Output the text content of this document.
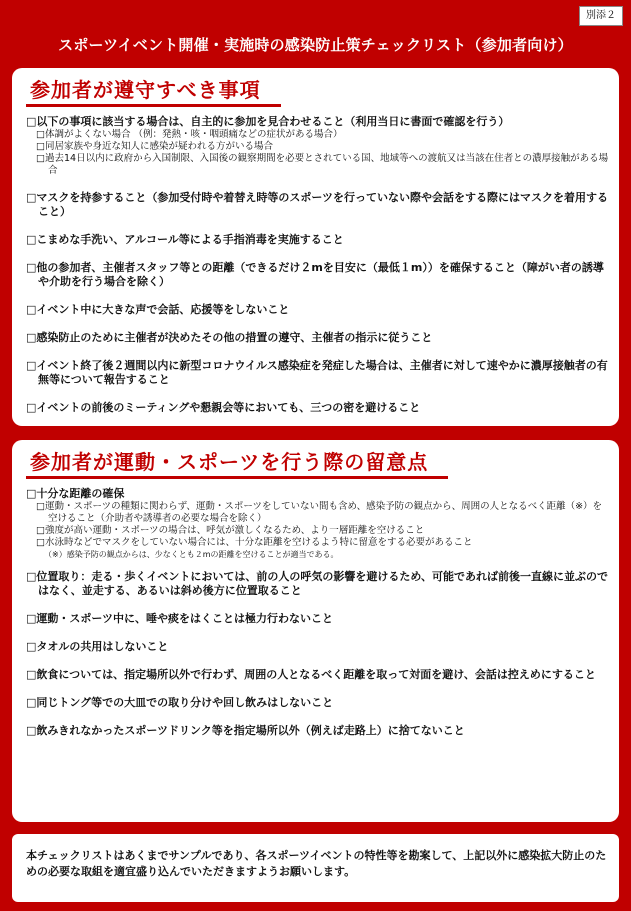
別添２
スポーツイベント開催・実施時の感染防止策チェックリスト（参加者向け）
参加者が遵守すべき事項
□以下の事項に該当する場合は、自主的に参加を見合わせること（利用当日に書面で確認を行う）
□体調がよくない場合 （例：発熱・咳・咽頭痛などの症状がある場合）
□同居家族や身近な知人に感染が疑われる方がいる場合
□過去14日以内に政府から入国制限、入国後の観察期間を必要とされている国、地域等への渡航又は当該在住者との濃厚接触がある場合
□マスクを持参すること（参加受付時や着替え時等のスポーツを行っていない際や会話をする際にはマスクを着用すること）
□こまめな手洗い、アルコール等による手指消毒を実施すること
□他の参加者、主催者スタッフ等との距離（できるだけ２mを目安に（最低１m））を確保すること（障がい者の誘導や介助を行う場合を除く）
□イベント中に大きな声で会話、応援等をしないこと
□感染防止のために主催者が決めたその他の措置の遵守、主催者の指示に従うこと
□イベント終了後２週間以内に新型コロナウイルス感染症を発症した場合は、主催者に対して速やかに濃厚接触者の有無等について報告すること
□イベントの前後のミーティングや懇親会等においても、三つの密を避けること
参加者が運動・スポーツを行う際の留意点
□十分な距離の確保
□運動・スポーツの種類に関わらず、運動・スポーツをしていない間も含め、感染予防の観点から、周囲の人となるべく距離（※）を空けること（介助者や誘導者の必要な場合を除く）
□強度が高い運動・スポーツの場合は、呼気が激しくなるため、より一層距離を空けること
□水泳時などでマスクをしていない場合には、十分な距離を空けるよう特に留意をする必要があること
（※）感染予防の観点からは、少なくとも２mの距離を空けることが適当である。
□位置取り：走る・歩くイベントにおいては、前の人の呼気の影響を避けるため、可能であれば前後一直線に並ぶのではなく、並走する、あるいは斜め後方に位置取ること
□運動・スポーツ中に、唾や痰をはくことは極力行わないこと
□タオルの共用はしないこと
□飲食については、指定場所以外で行わず、周囲の人となるべく距離を取って対面を避け、会話は控えめにすること
□同じトング等での大皿での取り分けや回し飲みはしないこと
□飲みきれなかったスポーツドリンク等を指定場所以外（例えば走路上）に捨てないこと
本チェックリストはあくまでサンプルであり、各スポーツイベントの特性等を勘案して、上記以外に感染拡大防止のための必要な取組を適宜盛り込んでいただきますようお願いします。
